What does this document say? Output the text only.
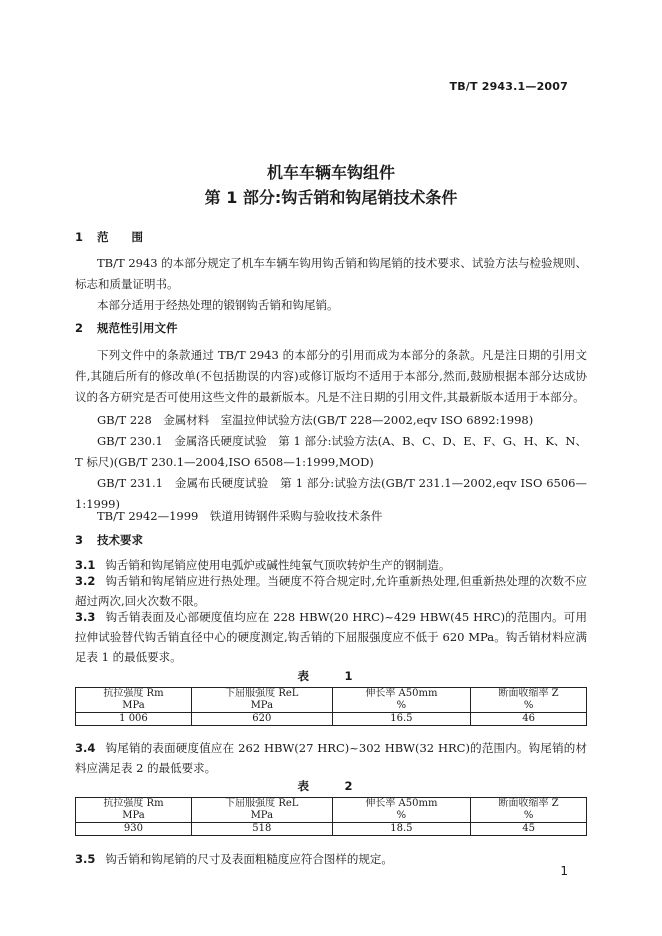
TB/T 2943.1—2007
机车车辆车钩组件
第 1 部分:钩舌销和钩尾销技术条件
1 范　　围
TB/T 2943 的本部分规定了机车车辆车钩用钩舌销和钩尾销的技术要求、试验方法与检验规则、标志和质量证明书。
本部分适用于经热处理的锻钢钩舌销和钩尾销。
2 规范性引用文件
下列文件中的条款通过 TB/T 2943 的本部分的引用而成为本部分的条款。凡是注日期的引用文件,其随后所有的修改单(不包括勘误的内容)或修订版均不适用于本部分,然而,鼓励根据本部分达成协议的各方研究是否可使用这些文件的最新版本。凡是不注日期的引用文件,其最新版本适用于本部分。
GB/T 228　金属材料　室温拉伸试验方法(GB/T 228—2002,eqv ISO 6892:1998)
GB/T 230.1　金属洛氏硬度试验　第 1 部分:试验方法(A、B、C、D、E、F、G、H、K、N、T 标尺)(GB/T 230.1—2004,ISO 6508—1:1999,MOD)
GB/T 231.1　金属布氏硬度试验　第 1 部分:试验方法(GB/T 231.1—2002,eqv ISO 6506—1:1999)
TB/T 2942—1999　铁道用铸钢件采购与验收技术条件
3 技术要求
3.1 钩舌销和钩尾销应使用电弧炉或碱性纯氧气顶吹转炉生产的钢制造。
3.2 钩舌销和钩尾销应进行热处理。当硬度不符合规定时,允许重新热处理,但重新热处理的次数不应超过两次,回火次数不限。
3.3 钩舌销表面及心部硬度值均应在 228 HBW(20 HRC)~429 HBW(45 HRC)的范围内。可用拉伸试验替代钩舌销直径中心的硬度测定,钩舌销的下屈服强度应不低于 620 MPa。钩舌销材料应满足表 1 的最低要求。
表　1
抗拉强度 Rm	下屈服强度 ReL	伸长率 A50mm	断面收缩率 Z
MPa	MPa	%	%
1 006	620	16.5	46
3.4 钩尾销的表面硬度值应在 262 HBW(27 HRC)~302 HBW(32 HRC)的范围内。钩尾销的材料应满足表 2 的最低要求。
表　2
抗拉强度 Rm	下屈服强度 ReL	伸长率 A50mm	断面收缩率 Z
MPa	MPa	%	%
930	518	18.5	45
3.5 钩舌销和钩尾销的尺寸及表面粗糙度应符合图样的规定。
1
